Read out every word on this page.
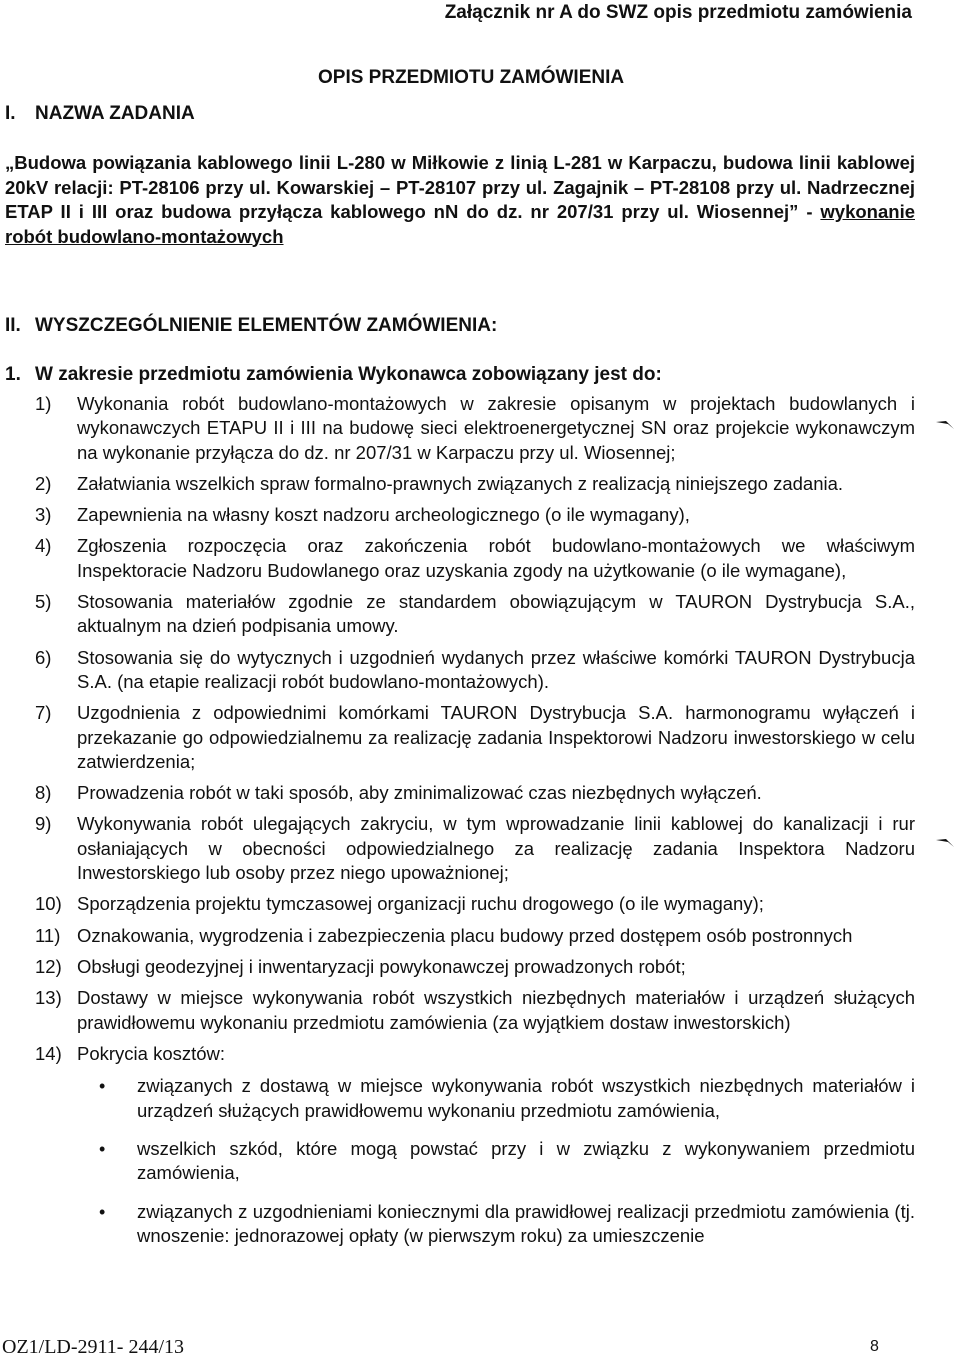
Załącznik nr A do SWZ opis przedmiotu zamówienia
OPIS PRZEDMIOTU ZAMÓWIENIA
I. NAZWA ZADANIA
„Budowa powiązania kablowego linii L-280 w Miłkowie z linią L-281 w Karpaczu, budowa linii kablowej 20kV relacji: PT-28106 przy ul. Kowarskiej – PT-28107 przy ul. Zagajnik – PT-28108 przy ul. Nadrzecznej ETAP II i III oraz budowa przyłącza kablowego nN do dz. nr 207/31 przy ul. Wiosennej” - wykonanie robót budowlano-montażowych
II. WYSZCZEGÓLNIENIE ELEMENTÓW ZAMÓWIENIA:
1. W zakresie przedmiotu zamówienia Wykonawca zobowiązany jest do:
1) Wykonania robót budowlano-montażowych w zakresie opisanym w projektach budowlanych i wykonawczych ETAPU II i III na budowę sieci elektroenergetycznej SN oraz projekcie wykonawczym na wykonanie przyłącza do dz. nr 207/31 w Karpaczu przy ul. Wiosennej;
2) Załatwiania wszelkich spraw formalno-prawnych związanych z realizacją niniejszego zadania.
3) Zapewnienia na własny koszt nadzoru archeologicznego (o ile wymagany),
4) Zgłoszenia rozpoczęcia oraz zakończenia robót budowlano-montażowych we właściwym Inspektoracie Nadzoru Budowlanego oraz uzyskania zgody na użytkowanie (o ile wymagane),
5) Stosowania materiałów zgodnie ze standardem obowiązującym w TAURON Dystrybucja S.A., aktualnym na dzień podpisania umowy.
6) Stosowania się do wytycznych i uzgodnień wydanych przez właściwe komórki TAURON Dystrybucja S.A. (na etapie realizacji robót budowlano-montażowych).
7) Uzgodnienia z odpowiednimi komórkami TAURON Dystrybucja S.A. harmonogramu wyłączeń i przekazanie go odpowiedzialnemu za realizację zadania Inspektorowi Nadzoru inwestorskiego w celu zatwierdzenia;
8) Prowadzenia robót w taki sposób, aby zminimalizować czas niezbędnych wyłączeń.
9) Wykonywania robót ulegających zakryciu, w tym wprowadzanie linii kablowej do kanalizacji i rur osłaniających w obecności odpowiedzialnego za realizację zadania Inspektora Nadzoru Inwestorskiego lub osoby przez niego upoważnionej;
10) Sporządzenia projektu tymczasowej organizacji ruchu drogowego (o ile wymagany);
11) Oznakowania, wygrodzenia i zabezpieczenia placu budowy przed dostępem osób postronnych
12) Obsługi geodezyjnej i inwentaryzacji powykonawczej prowadzonych robót;
13) Dostawy w miejsce wykonywania robót wszystkich niezbędnych materiałów i urządzeń służących prawidłowemu wykonaniu przedmiotu zamówienia (za wyjątkiem dostaw inwestorskich)
14) Pokrycia kosztów:
• związanych z dostawą w miejsce wykonywania robót wszystkich niezbędnych materiałów i urządzeń służących prawidłowemu wykonaniu przedmiotu zamówienia,
• wszelkich szkód, które mogą powstać przy i w związku z wykonywaniem przedmiotu zamówienia,
• związanych z uzgodnieniami koniecznymi dla prawidłowej realizacji przedmiotu zamówienia (tj. wnoszenie: jednorazowej opłaty (w pierwszym roku) za umieszczenie
OZ1/LD-2911- 244/13	8
